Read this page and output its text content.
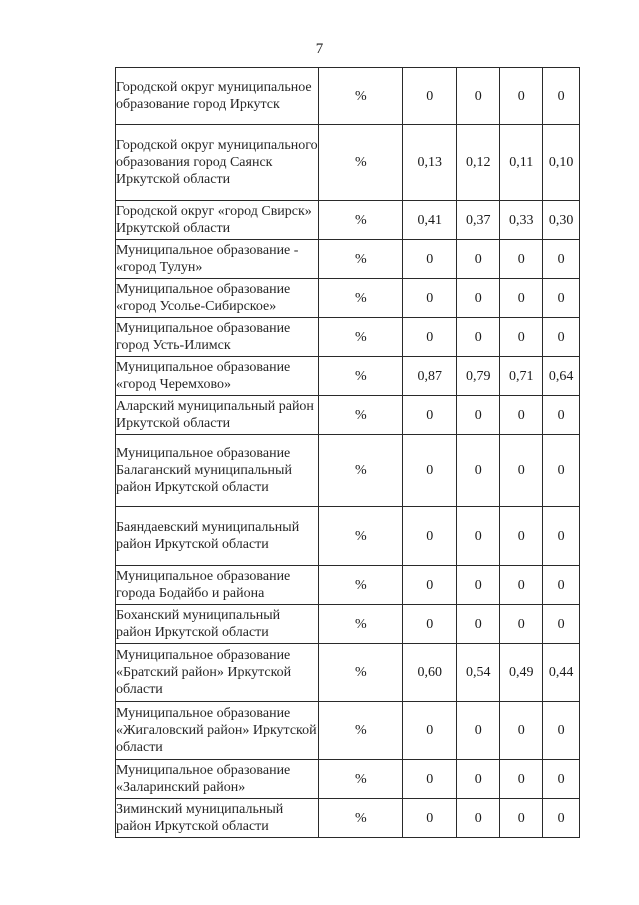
7
Городской округ муниципальное образование город Иркутск	%	0	0	0	0
Городской округ муниципального образования город Саянск Иркутской области	%	0,13	0,12	0,11	0,10
Городской округ «город Свирск» Иркутской области	%	0,41	0,37	0,33	0,30
Муниципальное образование - «город Тулун»	%	0	0	0	0
Муниципальное образование «город Усолье-Сибирское»	%	0	0	0	0
Муниципальное образование город Усть-Илимск	%	0	0	0	0
Муниципальное образование «город Черемхово»	%	0,87	0,79	0,71	0,64
Аларский муниципальный район Иркутской области	%	0	0	0	0
Муниципальное образование Балаганский муниципальный район Иркутской области	%	0	0	0	0
Баяндаевский муниципальный район Иркутской области	%	0	0	0	0
Муниципальное образование города Бодайбо и района	%	0	0	0	0
Боханский муниципальный район Иркутской области	%	0	0	0	0
Муниципальное образование «Братский район» Иркутской области	%	0,60	0,54	0,49	0,44
Муниципальное образование «Жигаловский район» Иркутской области	%	0	0	0	0
Муниципальное образование «Заларинский район»	%	0	0	0	0
Зиминский муниципальный район Иркутской области	%	0	0	0	0
